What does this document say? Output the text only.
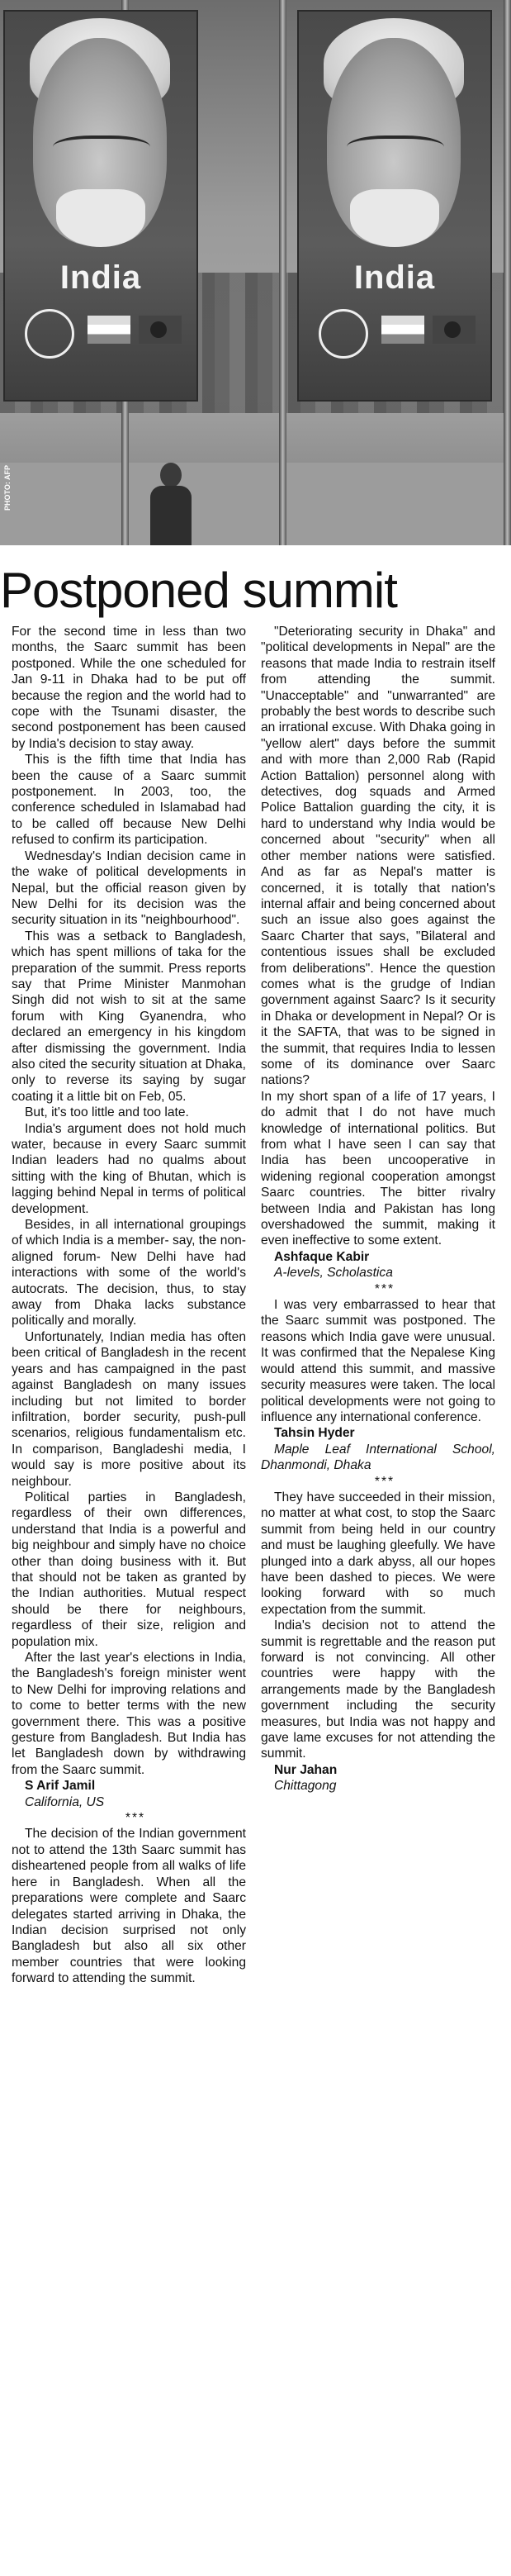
India	India
PHOTO: AFP
Postponed summit

For the second time in less than two months, the Saarc summit has been postponed. While the one scheduled for Jan 9-11 in Dhaka had to be put off because the region and the world had to cope with the Tsunami disaster, the second postponement has been caused by India's decision to stay away.

This is the fifth time that India has been the cause of a Saarc summit postponement. In 2003, too, the conference scheduled in Islamabad had to be called off because New Delhi refused to confirm its participation.

Wednesday's Indian decision came in the wake of political developments in Nepal, but the official reason given by New Delhi for its decision was the security situation in its "neighbourhood".

This was a setback to Bangladesh, which has spent millions of taka for the preparation of the summit. Press reports say that Prime Minister Manmohan Singh did not wish to sit at the same forum with King Gyanendra, who declared an emergency in his kingdom after dismissing the government. India also cited the security situation at Dhaka, only to reverse its saying by sugar coating it a little bit on Feb, 05.

But, it's too little and too late.

India's argument does not hold much water, because in every Saarc summit Indian leaders had no qualms about sitting with the king of Bhutan, which is lagging behind Nepal in terms of political development.

Besides, in all international groupings of which India is a member- say, the non-aligned forum- New Delhi have had interactions with some of the world's autocrats. The decision, thus, to stay away from Dhaka lacks substance politically and morally.

Unfortunately, Indian media has often been critical of Bangladesh in the recent years and has campaigned in the past against Bangladesh on many issues including but not limited to border infiltration, border security, push-pull scenarios, religious fundamentalism etc. In comparison, Bangladeshi media, I would say is more positive about its neighbour.

Political parties in Bangladesh, regardless of their own differences, understand that India is a powerful and big neighbour and simply have no choice other than doing business with it. But that should not be taken as granted by the Indian authorities. Mutual respect should be there for neighbours, regardless of their size, religion and population mix.

After the last year's elections in India, the Bangladesh's foreign minister went to New Delhi for improving relations and to come to better terms with the new government there. This was a positive gesture from Bangladesh. But India has let Bangladesh down by withdrawing from the Saarc summit.

S Arif Jamil

California, US

***

The decision of the Indian government not to attend the 13th Saarc summit has disheartened people from all walks of life here in Bangladesh. When all the preparations were complete and Saarc delegates started arriving in Dhaka, the Indian decision surprised not only Bangladesh but also all six other member countries that were looking forward to attending the summit.

"Deteriorating security in Dhaka" and "political developments in Nepal" are the reasons that made India to restrain itself from attending the summit. "Unacceptable" and "unwarranted" are probably the best words to describe such an irrational excuse. With Dhaka going in "yellow alert" days before the summit and with more than 2,000 Rab (Rapid Action Battalion) personnel along with detectives, dog squads and Armed Police Battalion guarding the city, it is hard to understand why India would be concerned about "security" when all other member nations were satisfied. And as far as Nepal's matter is concerned, it is totally that nation's internal affair and being concerned about such an issue also goes against the Saarc Charter that says, "Bilateral and contentious issues shall be excluded from deliberations". Hence the question comes what is the grudge of Indian government against Saarc? Is it security in Dhaka or development in Nepal? Or is it the SAFTA, that was to be signed in the summit, that requires India to lessen some of its dominance over Saarc nations?

In my short span of a life of 17 years, I do admit that I do not have much knowledge of international politics. But from what I have seen I can say that India has been uncooperative in widening regional cooperation amongst Saarc countries. The bitter rivalry between India and Pakistan has long overshadowed the summit, making it even ineffective to some extent.

Ashfaque Kabir

A-levels, Scholastica

***

I was very embarrassed to hear that the Saarc summit was postponed. The reasons which India gave were unusual. It was confirmed that the Nepalese King would attend this summit, and massive security measures were taken. The local political developments were not going to influence any international conference.

Tahsin Hyder

Maple Leaf International School, Dhanmondi, Dhaka

***

They have succeeded in their mission, no matter at what cost, to stop the Saarc summit from being held in our country and must be laughing gleefully. We have plunged into a dark abyss, all our hopes have been dashed to pieces. We were looking forward with so much expectation from the summit.

India's decision not to attend the summit is regrettable and the reason put forward is not convincing. All other countries were happy with the arrangements made by the Bangladesh government including the security measures, but India was not happy and gave lame excuses for not attending the summit.

Nur Jahan

Chittagong
